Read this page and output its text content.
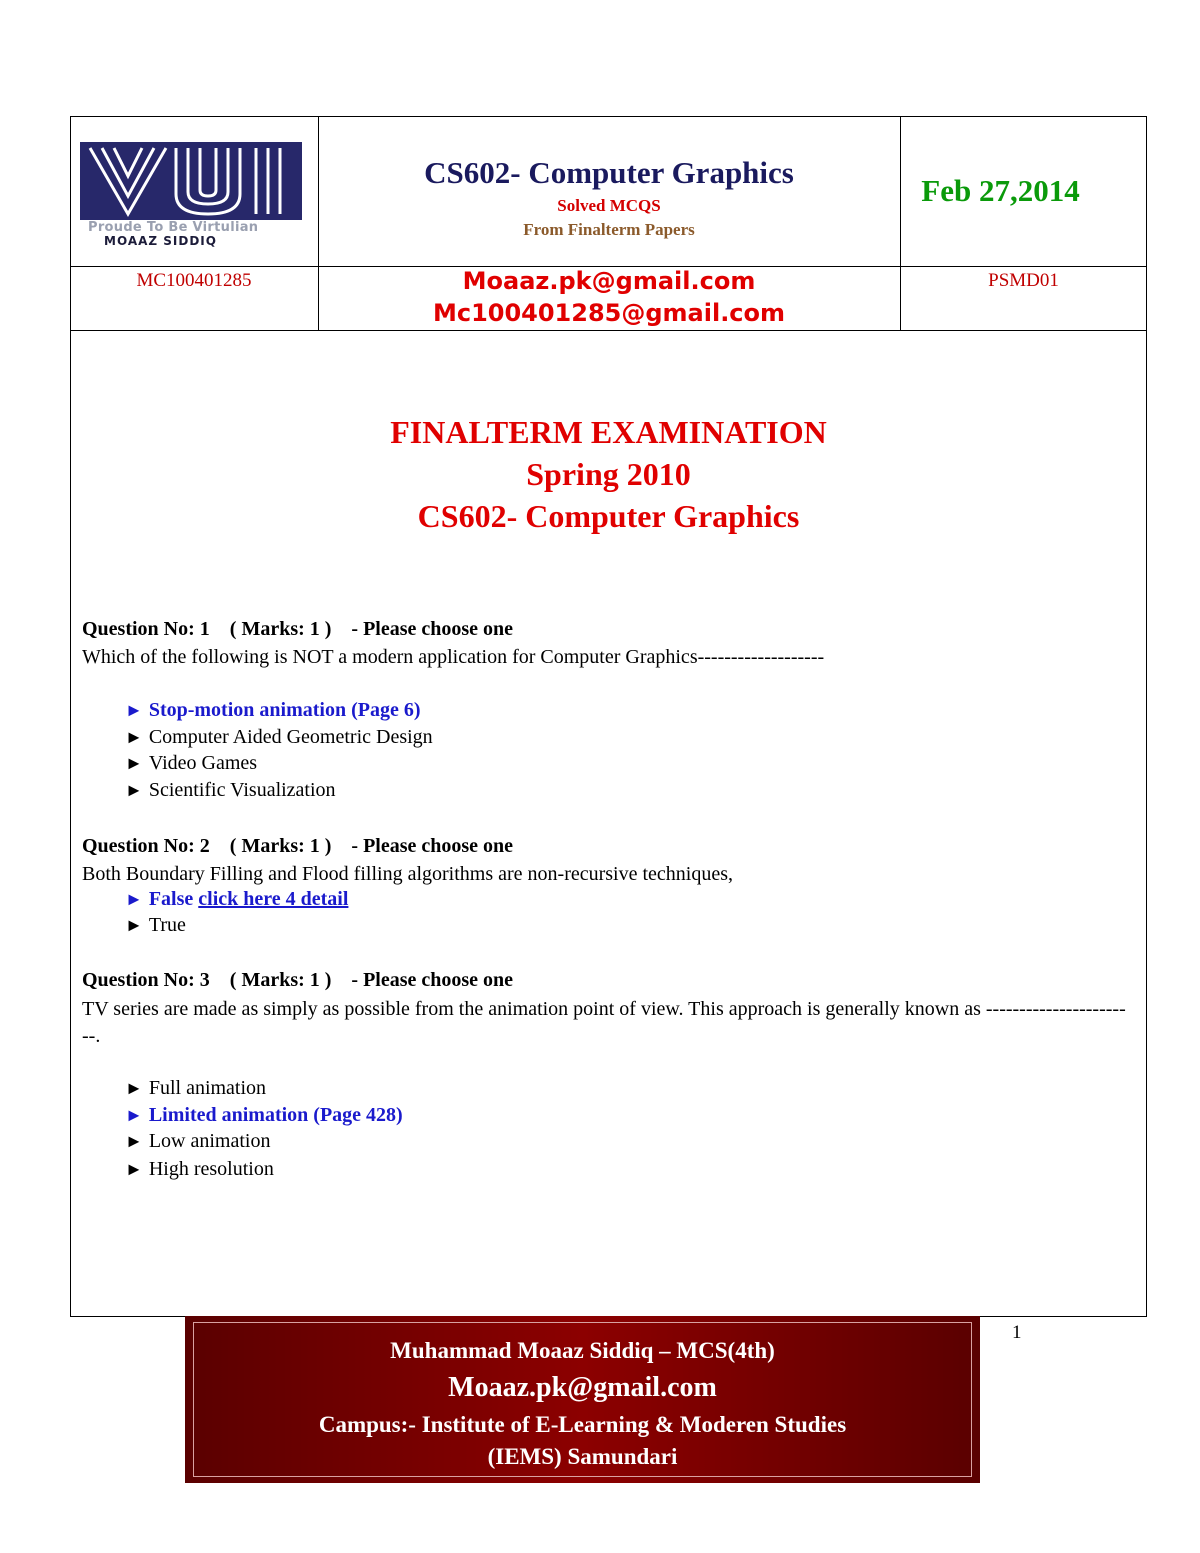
Proude To Be Virtulian
MOAAZ SIDDIQ
CS602- Computer Graphics
Solved MCQS
From Finalterm Papers
Feb 27,2014
MC100401285	Moaaz.pk@gmail.com
Mc100401285@gmail.com
PSMD01
FINALTERM EXAMINATION
Spring 2010
CS602- Computer Graphics
Question No: 1    ( Marks: 1 )    - Please choose one
Which of the following is NOT a modern application for Computer Graphics-------------------
► Stop-motion animation (Page 6)
► Computer Aided Geometric Design
► Video Games
► Scientific Visualization
Question No: 2    ( Marks: 1 )    - Please choose one
Both Boundary Filling and Flood filling algorithms are non-recursive techniques,
► False click here 4 detail
► True
Question No: 3    ( Marks: 1 )    - Please choose one
TV series are made as simply as possible from the animation point of view. This approach is generally known as -----------------------.
► Full animation
► Limited animation (Page 428)
► Low animation
► High resolution
Muhammad Moaaz Siddiq – MCS(4th)
Moaaz.pk@gmail.com
Campus:- Institute of E-Learning & Moderen Studies
(IEMS) Samundari
1
